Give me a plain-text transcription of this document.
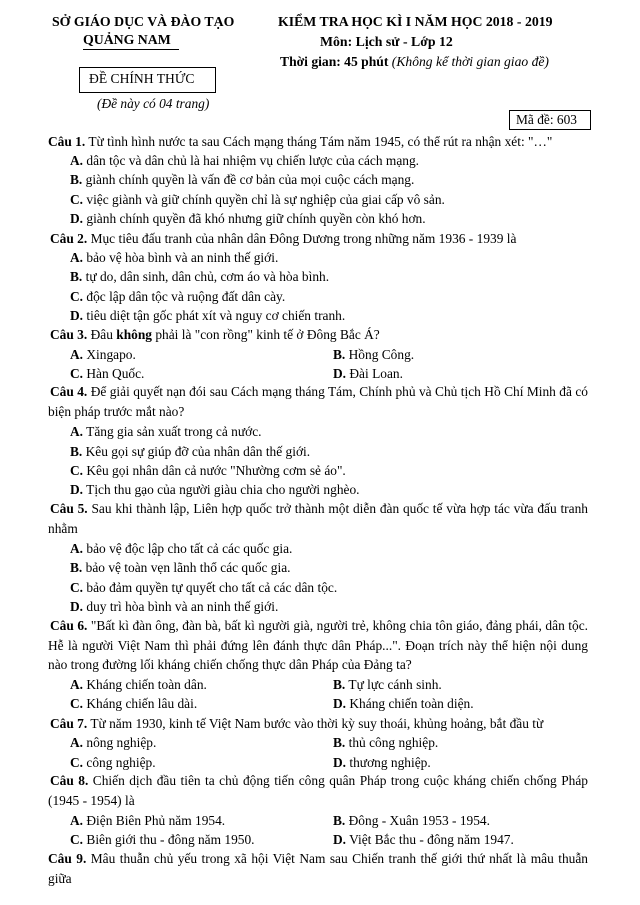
SỞ GIÁO DỤC VÀ ĐÀO TẠO
QUẢNG NAM
KIỂM TRA HỌC KÌ I NĂM HỌC 2018 - 2019
Môn: Lịch sử - Lớp 12
Thời gian: 45 phút (Không kể thời gian giao đề)
ĐỀ CHÍNH THỨC
(Đề này có 04 trang)
Mã đề: 603
Câu 1. Từ tình hình nước ta sau Cách mạng tháng Tám năm 1945, có thể rút ra nhận xét: "…"
A. dân tộc và dân chủ là hai nhiệm vụ chiến lược của cách mạng.
B. giành chính quyền là vấn đề cơ bản của mọi cuộc cách mạng.
C. việc giành và giữ chính quyền chỉ là sự nghiệp của giai cấp vô sản.
D. giành chính quyền đã khó nhưng giữ chính quyền còn khó hơn.
Câu 2. Mục tiêu đấu tranh của nhân dân Đông Dương trong những năm 1936 - 1939 là
A. bảo vệ hòa bình và an ninh thế giới.
B. tự do, dân sinh, dân chủ, cơm áo và hòa bình.
C. độc lập dân tộc và ruộng đất dân cày.
D. tiêu diệt tận gốc phát xít và nguy cơ chiến tranh.
Câu 3. Đâu không phải là "con rồng" kinh tế ở Đông Bắc Á?
A. Xingapo.	B. Hồng Công.
C. Hàn Quốc.	D. Đài Loan.
Câu 4. Để giải quyết nạn đói sau Cách mạng tháng Tám, Chính phủ và Chủ tịch Hồ Chí Minh đã có biện pháp trước mắt nào?
A. Tăng gia sản xuất trong cả nước.
B. Kêu gọi sự giúp đỡ của nhân dân thế giới.
C. Kêu gọi nhân dân cả nước "Nhường cơm sẻ áo".
D. Tịch thu gạo của người giàu chia cho người nghèo.
Câu 5. Sau khi thành lập, Liên hợp quốc trở thành một diễn đàn quốc tế vừa hợp tác vừa đấu tranh nhằm
A. bảo vệ độc lập cho tất cả các quốc gia.
B. bảo vệ toàn vẹn lãnh thổ các quốc gia.
C. bảo đảm quyền tự quyết cho tất cả các dân tộc.
D. duy trì hòa bình và an ninh thế giới.
Câu 6. "Bất kì đàn ông, đàn bà, bất kì người già, người trẻ, không chia tôn giáo, đảng phái, dân tộc. Hễ là người Việt Nam thì phải đứng lên đánh thực dân Pháp...". Đoạn trích này thể hiện nội dung nào trong đường lối kháng chiến chống thực dân Pháp của Đảng ta?
A. Kháng chiến toàn dân.	B. Tự lực cánh sinh.
C. Kháng chiến lâu dài.	D. Kháng chiến toàn diện.
Câu 7. Từ năm 1930, kinh tế Việt Nam bước vào thời kỳ suy thoái, khủng hoảng, bắt đầu từ
A. nông nghiệp.	B. thủ công nghiệp.
C. công nghiệp.	D. thương nghiệp.
Câu 8. Chiến dịch đầu tiên ta chủ động tiến công quân Pháp trong cuộc kháng chiến chống Pháp (1945 - 1954) là
A. Điện Biên Phủ năm 1954.	B. Đông - Xuân 1953 - 1954.
C. Biên giới thu - đông năm 1950.	D. Việt Bắc thu - đông năm 1947.
Câu 9. Mâu thuẫn chủ yếu trong xã hội Việt Nam sau Chiến tranh thế giới thứ nhất là mâu thuẫn giữa
